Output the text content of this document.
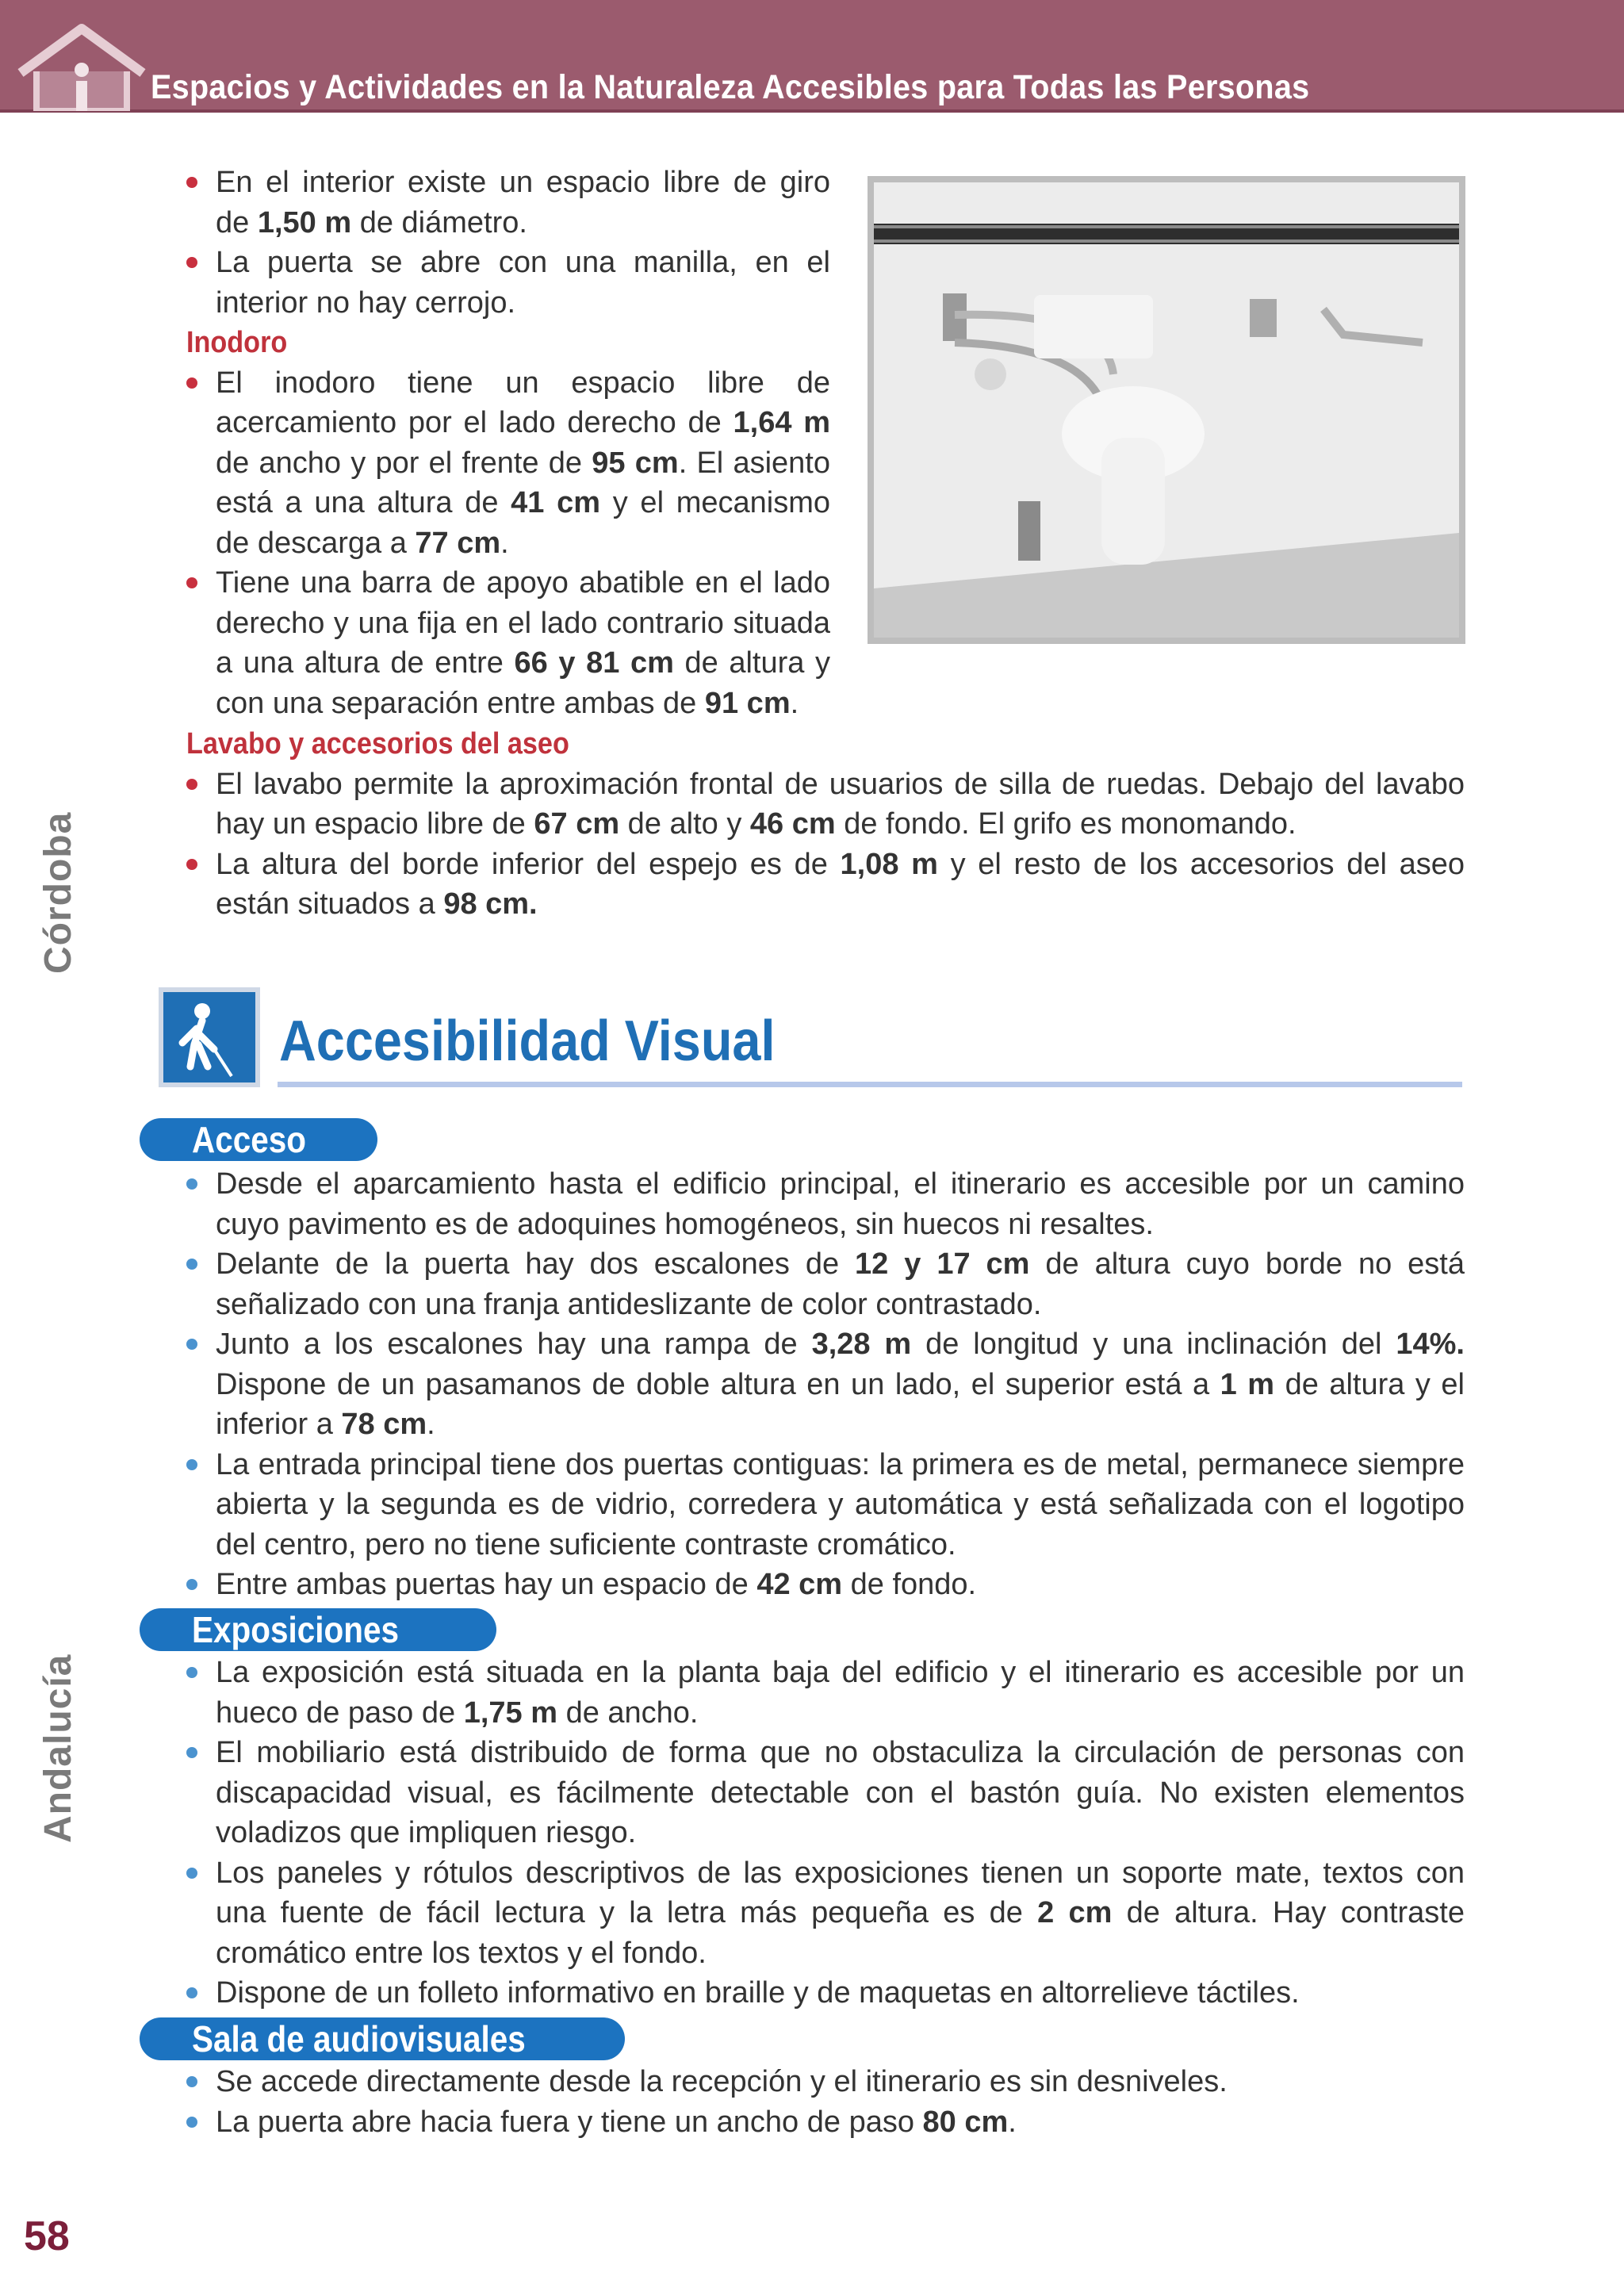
Espacios y Actividades en la Naturaleza Accesibles para Todas las Personas
Córdoba
Andalucía
En el interior existe un espacio libre de giro de 1,50 m de diámetro.
La puerta se abre con una manilla, en el interior no hay cerrojo.
Inodoro
El inodoro tiene un espacio libre de acercamiento por el lado derecho de 1,64 m de ancho y por el frente de 95 cm. El asiento está a una altura de 41 cm y el mecanismo de descarga a 77 cm.
Tiene una barra de apoyo abatible en el lado derecho y una fija en el lado contrario situada a una altura de entre 66 y 81 cm de altura y con una separación entre ambas de 91 cm.
Lavabo y accesorios del aseo
El lavabo permite la aproximación frontal de usuarios de silla de ruedas. Debajo del lavabo hay un espacio libre de 67 cm de alto y 46 cm de fondo. El grifo es monomando.
La altura del borde inferior del espejo es de 1,08 m y el resto de los accesorios del aseo están situados a 98 cm.
Accesibilidad Visual
Acceso
Exposiciones
Sala de audiovisuales
Desde el aparcamiento hasta el edificio principal, el itinerario es accesible por un camino cuyo pavimento es de adoquines homogéneos, sin huecos ni resaltes.
Delante de la puerta hay dos escalones de 12 y 17 cm de altura cuyo borde no está señalizado con una franja antideslizante de color contrastado.
Junto a los escalones hay una rampa de 3,28 m de longitud y una inclinación del 14%. Dispone de un pasamanos de doble altura en un lado, el superior está a 1 m de altura y el inferior a 78 cm.
La entrada principal tiene dos puertas contiguas: la primera es de metal, permanece siempre abierta y la segunda es de vidrio, corredera y automática y está señalizada con el logotipo del centro, pero no tiene suficiente contraste cromático.
Entre ambas puertas hay un espacio de 42 cm de fondo.
La exposición está situada en la planta baja del edificio y el itinerario es accesible por un hueco de paso de 1,75 m de ancho.
El mobiliario está distribuido de forma que no obstaculiza la circulación de personas con discapacidad visual, es fácilmente detectable con el bastón guía. No existen elementos voladizos que impliquen riesgo.
Los paneles y rótulos descriptivos de las exposiciones tienen un soporte mate, textos con una fuente de fácil lectura y la letra más pequeña es de 2 cm de altura. Hay contraste cromático entre los textos y el fondo.
Dispone de un folleto informativo en braille y de maquetas en altorrelieve táctiles.
Se accede directamente desde la recepción y el itinerario es sin desniveles.
La puerta abre hacia fuera y tiene un ancho de paso 80 cm.
58
